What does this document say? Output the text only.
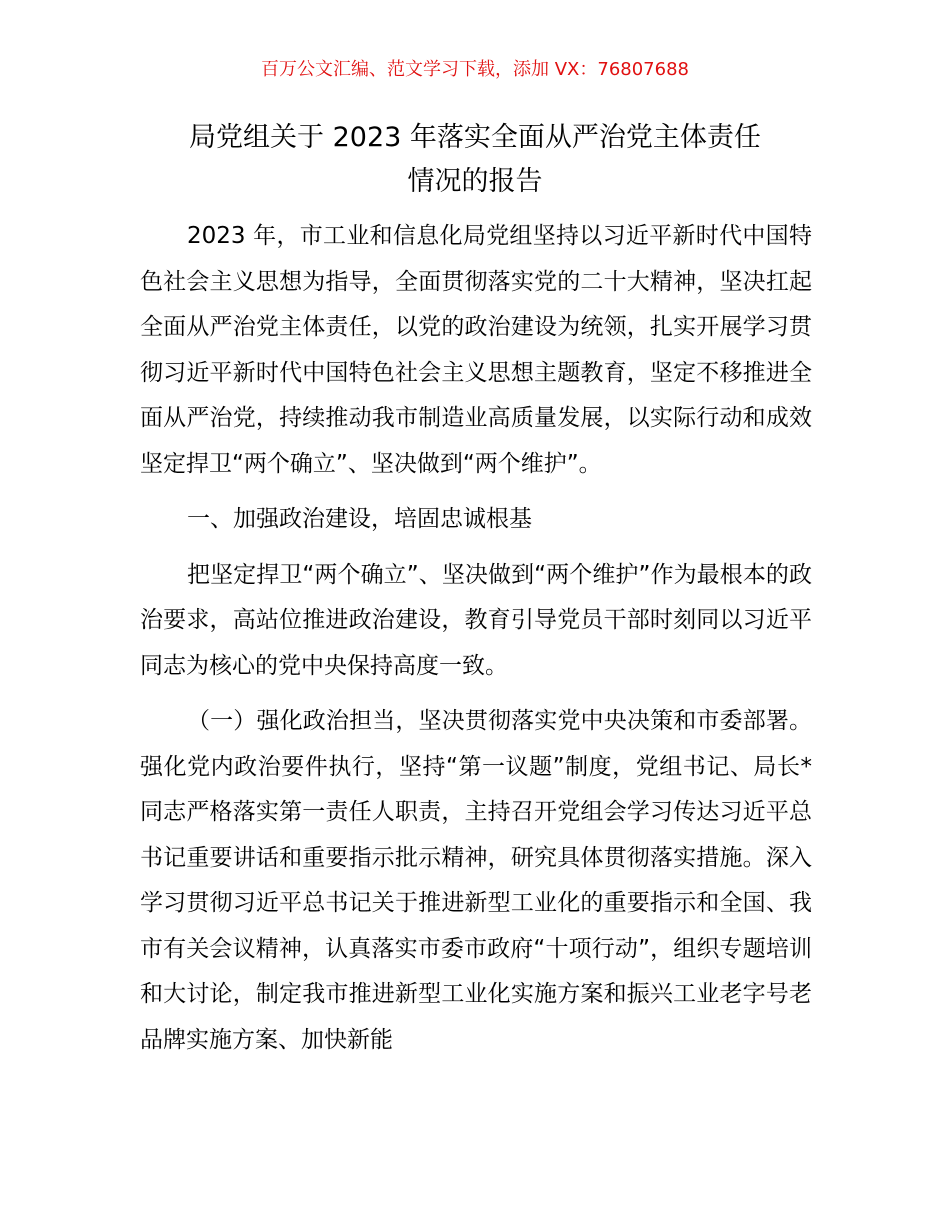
百万公文汇编、范文学习下载，添加 VX：76807688
局党组关于 2023 年落实全面从严治党主体责任
情况的报告

2023 年，市工业和信息化局党组坚持以习近平新时代中国特色社会主义思想为指导，全面贯彻落实党的二十大精神，坚决扛起全面从严治党主体责任，以党的政治建设为统领，扎实开展学习贯彻习近平新时代中国特色社会主义思想主题教育，坚定不移推进全面从严治党，持续推动我市制造业高质量发展，以实际行动和成效坚定捍卫“两个确立”、坚决做到“两个维护”。

一、加强政治建设，培固忠诚根基

把坚定捍卫“两个确立”、坚决做到“两个维护”作为最根本的政治要求，高站位推进政治建设，教育引导党员干部时刻同以习近平同志为核心的党中央保持高度一致。

（一）强化政治担当，坚决贯彻落实党中央决策和市委部署。强化党内政治要件执行，坚持“第一议题”制度，党组书记、局长*同志严格落实第一责任人职责，主持召开党组会学习传达习近平总书记重要讲话和重要指示批示精神，研究具体贯彻落实措施。深入学习贯彻习近平总书记关于推进新型工业化的重要指示和全国、我市有关会议精神，认真落实市委市政府“十项行动”，组织专题培训和大讨论，制定我市推进新型工业化实施方案和振兴工业老字号老品牌实施方案、加快新能
